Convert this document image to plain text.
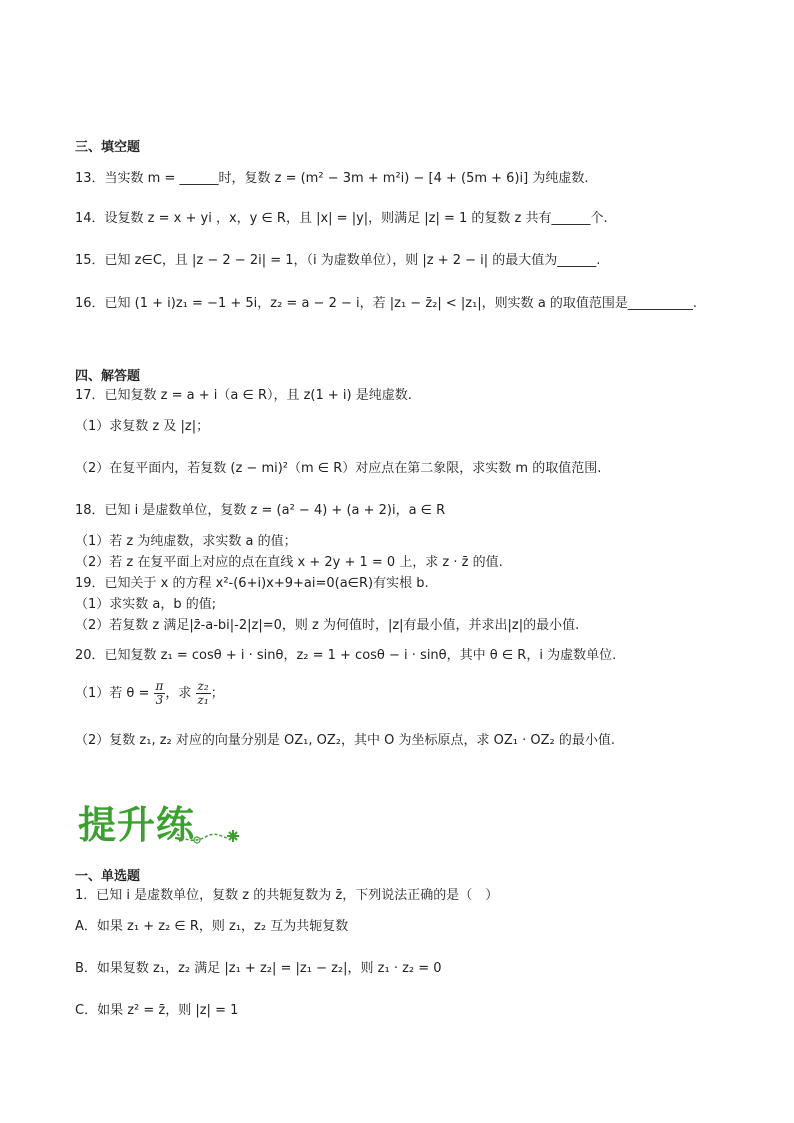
三、填空题
13．当实数 m = ______时，复数 z = (m² − 3m + m²i) − [4 + (5m + 6)i] 为纯虚数.
14．设复数 z = x + yi ，x，y ∈ R，且 |x| = |y|，则满足 |z| = 1 的复数 z 共有______个.
15．已知 z∈C，且 |z − 2 − 2i| = 1，（i 为虚数单位），则 |z + 2 − i| 的最大值为______.
16．已知 (1 + i)z₁ = −1 + 5i，z₂ = a − 2 − i，若 |z₁ − z̄₂| < |z₁|，则实数 a 的取值范围是__________.
四、解答题
17．已知复数 z = a + i（a ∈ R），且 z(1 + i) 是纯虚数.
（1）求复数 z 及 |z|；
（2）在复平面内，若复数 (z − mi)²（m ∈ R）对应点在第二象限，求实数 m 的取值范围.
18．已知 i 是虚数单位，复数 z = (a² − 4) + (a + 2)i，a ∈ R
（1）若 z 为纯虚数，求实数 a 的值；
（2）若 z 在复平面上对应的点在直线 x + 2y + 1 = 0 上，求 z · z̄ 的值.
19．已知关于 x 的方程 x²-(6+i)x+9+ai=0(a∈R)有实根 b.
（1）求实数 a，b 的值;
（2）若复数 z 满足|z̄-a-bi|-2|z|=0，则 z 为何值时，|z|有最小值，并求出|z|的最小值.
20．已知复数 z₁ = cosθ + i · sinθ，z₂ = 1 + cosθ − i · sinθ，其中 θ ∈ R，i 为虚数单位.
（1）若 $\theta = \frac{\pi}{3}$ ，求 $\frac{\text{z₂}}{\text{z₁}}$ ；
（2）复数 z₁, z₂ 对应的向量分别是 OZ₁, OZ₂，其中 O 为坐标原点，求 OZ₁ · OZ₂ 的最小值.
提升练
一、单选题
1．已知 i 是虚数单位，复数 z 的共轭复数为 z̄，下列说法正确的是（　）
A．如果 z₁ + z₂ ∈ R，则 z₁，z₂ 互为共轭复数
B．如果复数 z₁，z₂ 满足 |z₁ + z₂| = |z₁ − z₂|，则 z₁ · z₂ = 0
C．如果 z² = z̄，则 |z| = 1
